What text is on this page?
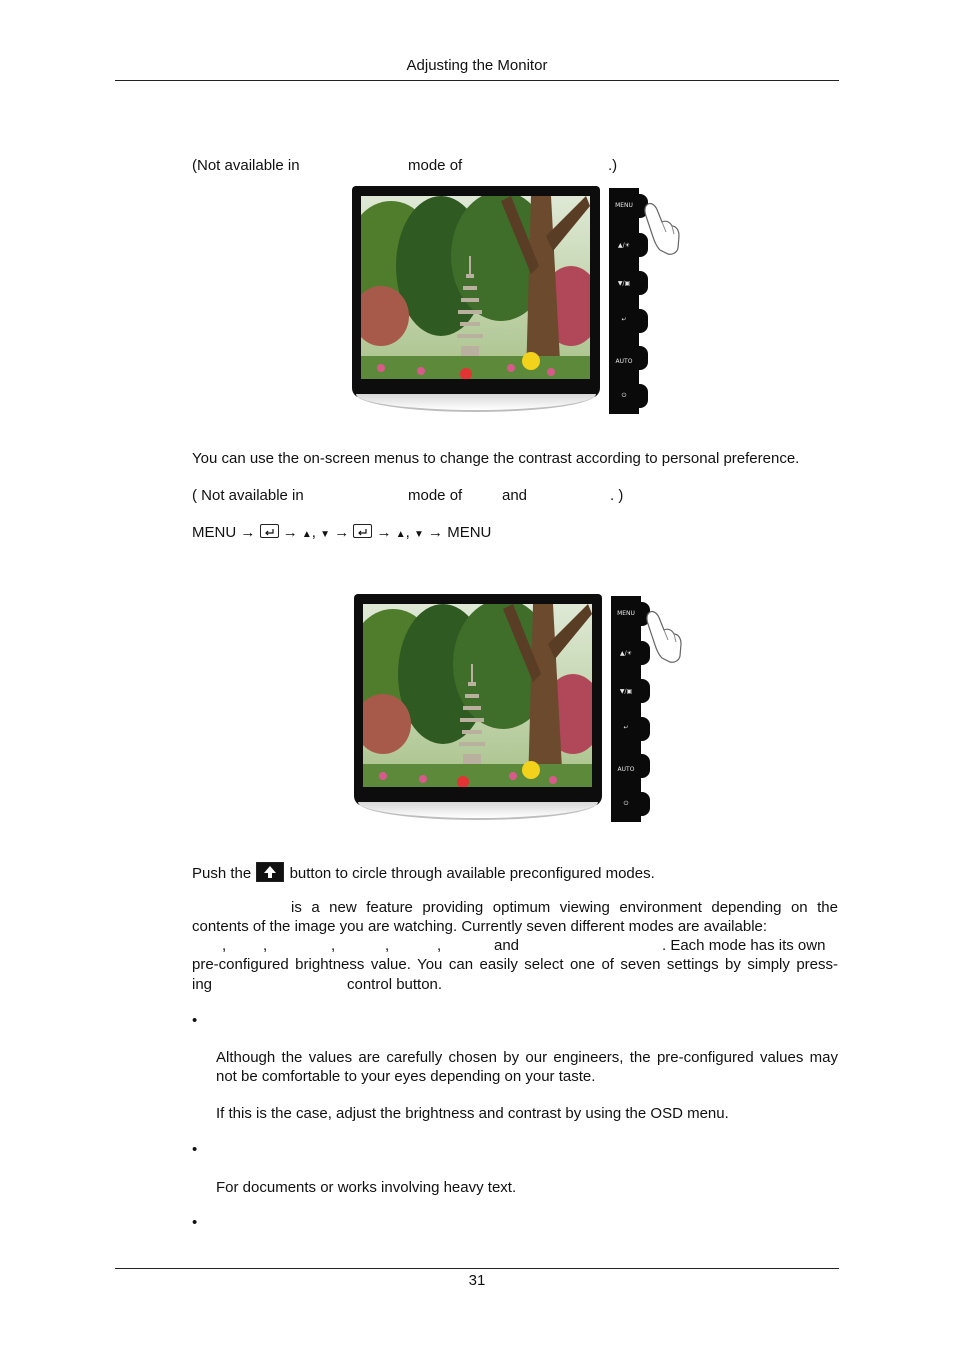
Adjusting the Monitor
(Not available in	mode of	.)
MENU
▲/☀
▼/▣
↵
AUTO
⏻
You can use the on-screen menus to change the contrast according to personal preference.
( Not available in	mode of	and	. )
MENU → → ▲, ▼ → → ▲, ▼ → MENU
MENU
▲/☀
▼/▣
↵
AUTO
⏻
Push the	button to circle through available preconfigured modes.
is a new feature providing optimum viewing environment depending on the
contents of the image you are watching. Currently seven different modes are available:
, ,	,	,	,	and	. Each mode has its own
pre-configured brightness value. You can easily select one of seven settings by simply press-
ing	control button.
•
Although the values are carefully chosen by our engineers, the pre-configured values may
not be comfortable to your eyes depending on your taste.
If this is the case, adjust the brightness and contrast by using the OSD menu.
•
For documents or works involving heavy text.
•
31
